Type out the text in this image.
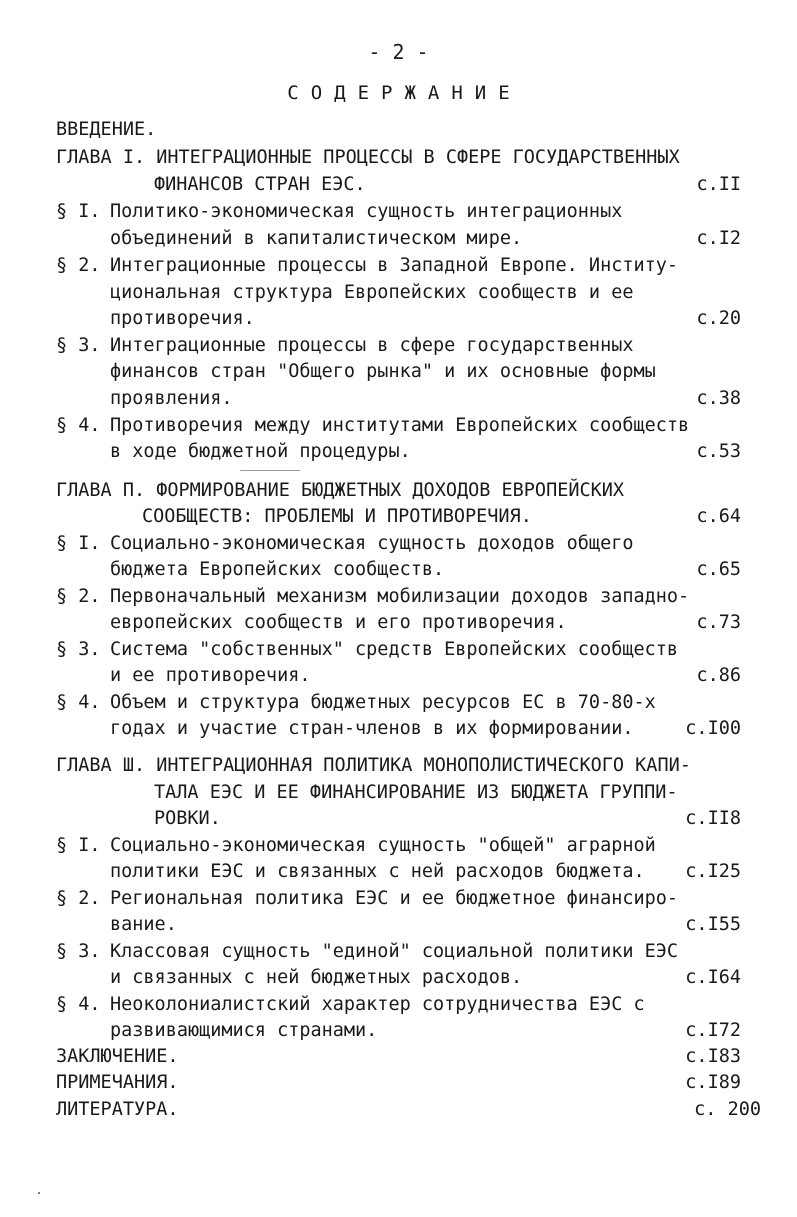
- 2 -
СОДЕРЖАНИЕ
ВВЕДЕНИЕ.
ГЛАВА I. ИНТЕГРАЦИОННЫЕ ПРОЦЕССЫ В СФЕРЕ ГОСУДАРСТВЕННЫХ
ФИНАНСОВ СТРАН ЕЭС.	с.II
§ I. Политико-экономическая сущность интеграционных
объединений в капиталистическом мире.	с.I2
§ 2. Интеграционные процессы в Западной Европе. Институ-
циональная структура Европейских сообществ и ее
противоречия.	с.20
§ 3. Интеграционные процессы в сфере государственных
финансов стран "Общего рынка" и их основные формы
проявления.	с.38
§ 4. Противоречия между институтами Европейских сообществ
в ходе бюджетной процедуры.	с.53
ГЛАВА П. ФОРМИРОВАНИЕ БЮДЖЕТНЫХ ДОХОДОВ ЕВРОПЕЙСКИХ
СООБЩЕСТВ: ПРОБЛЕМЫ И ПРОТИВОРЕЧИЯ.	с.64
§ I. Социально-экономическая сущность доходов общего
бюджета Европейских сообществ.	с.65
§ 2. Первоначальный механизм мобилизации доходов западно-
европейских сообществ и его противоречия.	с.73
§ 3. Система "собственных" средств Европейских сообществ
и ее противоречия.	с.86
§ 4. Объем и структура бюджетных ресурсов ЕС в 70-80-х
годах и участие стран-членов в их формировании.	с.I00
ГЛАВА Ш. ИНТЕГРАЦИОННАЯ ПОЛИТИКА МОНОПОЛИСТИЧЕСКОГО КАПИ-
ТАЛА ЕЭС И ЕЕ ФИНАНСИРОВАНИЕ ИЗ БЮДЖЕТА ГРУППИ-
РОВКИ.	с.II8
§ I. Социально-экономическая сущность "общей" аграрной
политики ЕЭС и связанных с ней расходов бюджета. с.I25
§ 2. Региональная политика ЕЭС и ее бюджетное финансиро-
вание.	с.I55
§ 3. Классовая сущность "единой" социальной политики ЕЭС
и связанных с ней бюджетных расходов.	с.I64
§ 4. Неоколониалистский характер сотрудничества ЕЭС с
развивающимися странами.	с.I72
ЗАКЛЮЧЕНИЕ.	с.I83
ПРИМЕЧАНИЯ.	с.I89
ЛИТЕРАТУРА.	с. 200
